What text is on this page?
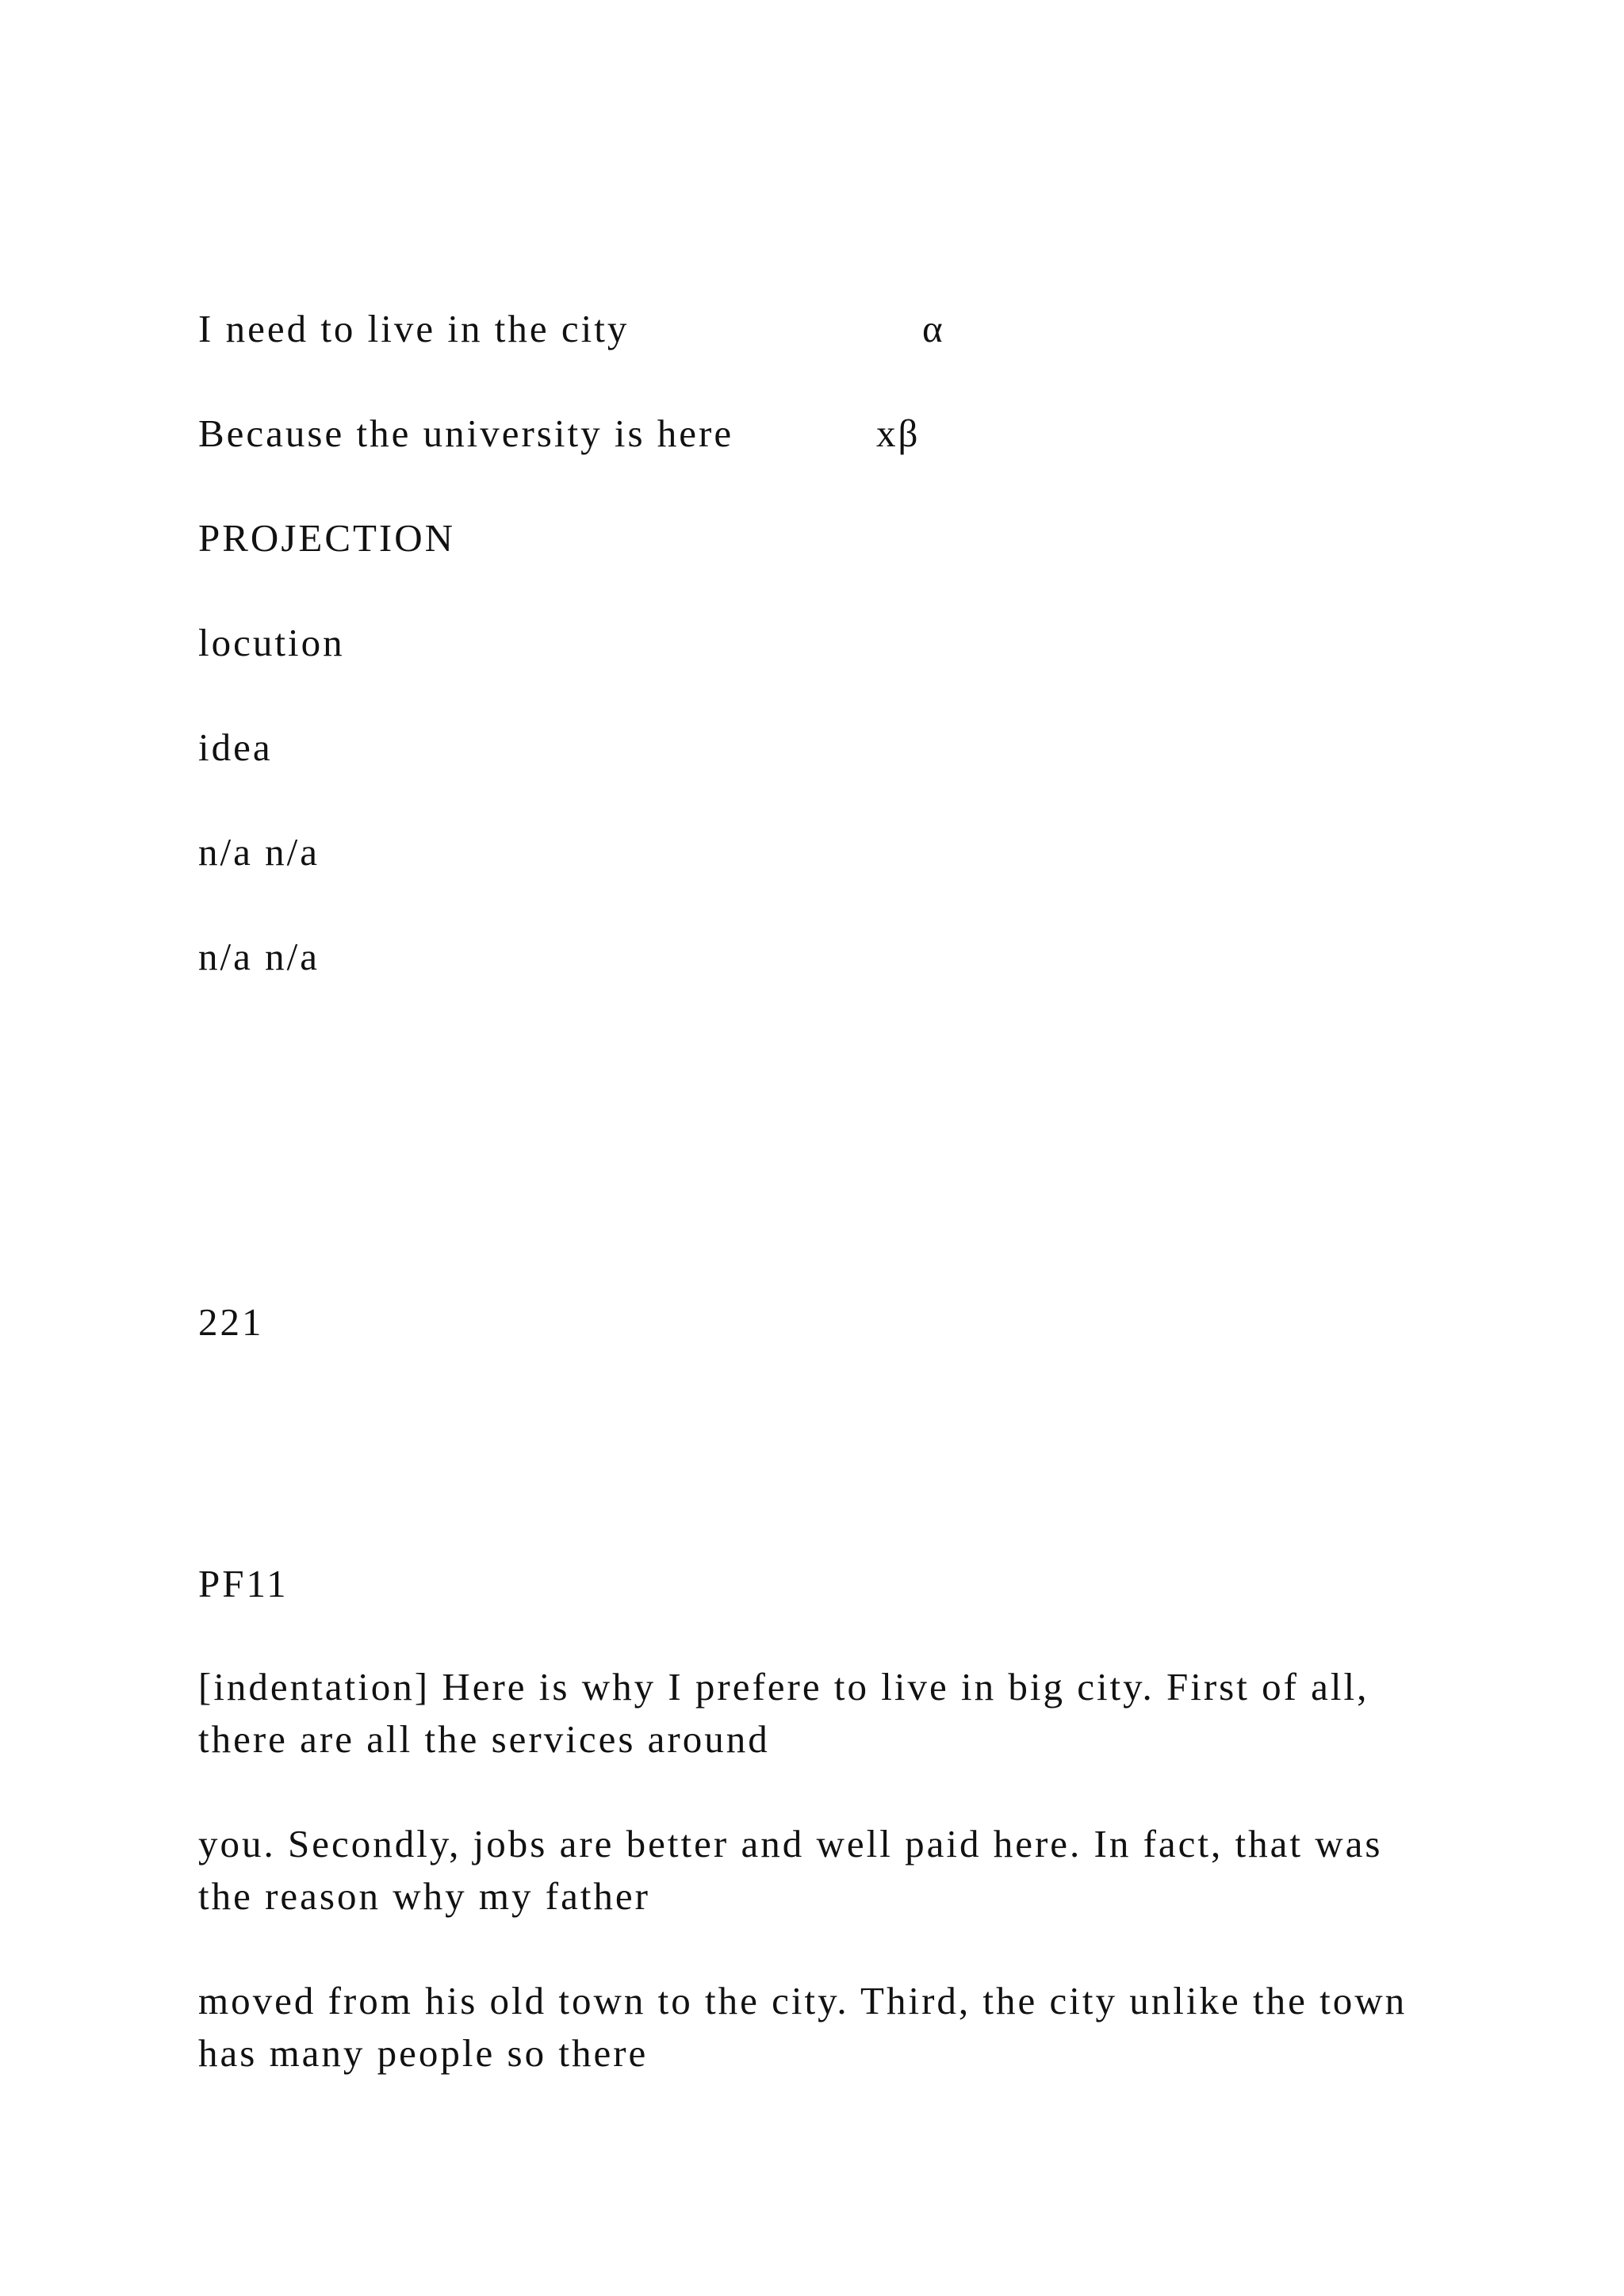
I need to live in the city	α
Because the university is here	xβ
PROJECTION
locution
idea
n/a n/a
n/a n/a
221
PF11
[indentation] Here is why I prefere to live in big city. First of all, there are all the services around
you. Secondly, jobs are better and well paid here. In fact, that was the reason why my father
moved from his old town to the city. Third, the city unlike the town has many people so there
